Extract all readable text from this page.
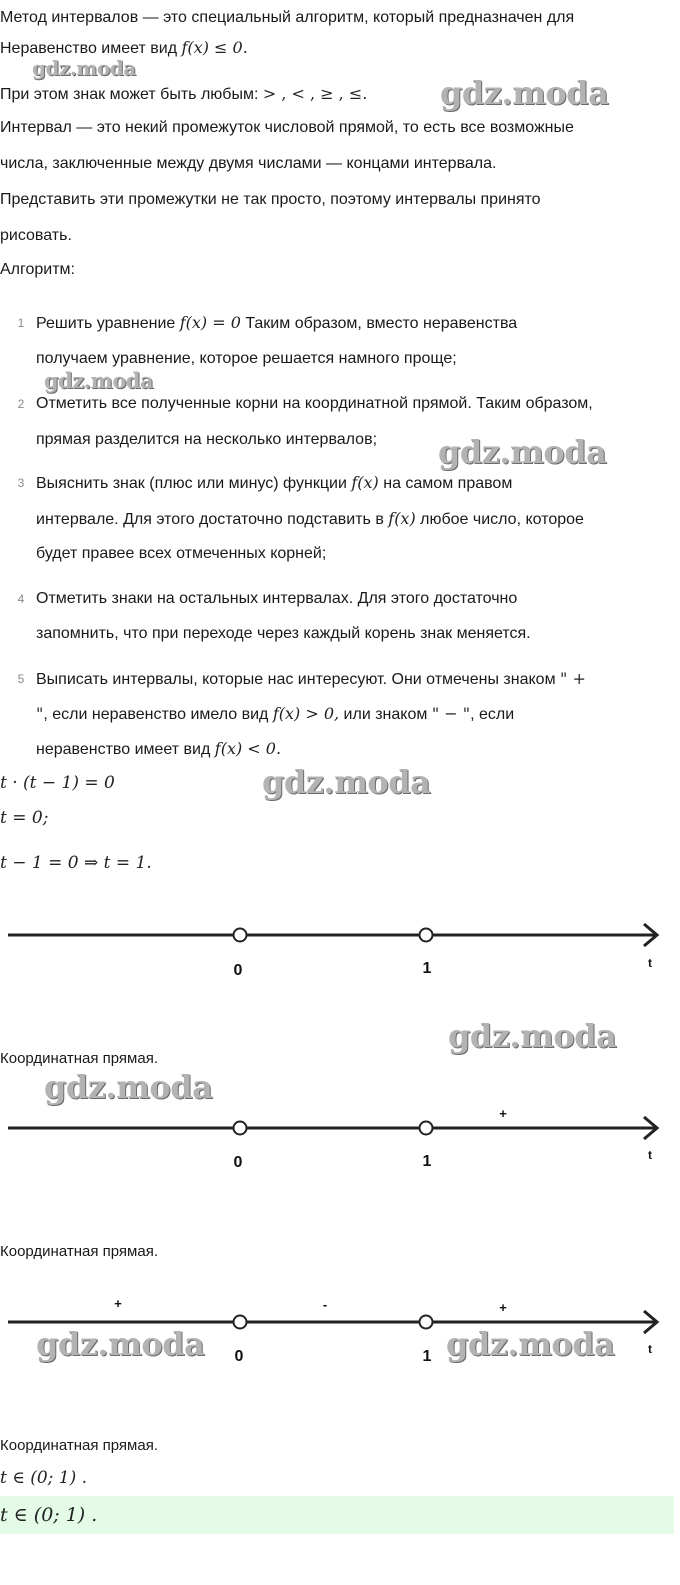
Метод интервалов — это специальный алгоритм, который предназначен для
Неравенство имеет вид f(x) ≤ 0.
При этом знак может быть любым: > , < , ≥ , ≤.
Интервал — это некий промежуток числовой прямой, то есть все возможные
числа, заключенные между двумя числами — концами интервала.
Представить эти промежутки не так просто, поэтому интервалы принято
рисовать.
Алгоритм:
1 Решить уравнение f(x) = 0 Таким образом, вместо неравенства
получаем уравнение, которое решается намного проще;
2 Отметить все полученные корни на координатной прямой. Таким образом,
прямая разделится на несколько интервалов;
3 Выяснить знак (плюс или минус) функции f(x) на самом правом
интервале. Для этого достаточно подставить в f(x) любое число, которое
будет правее всех отмеченных корней;
4 Отметить знаки на остальных интервалах. Для этого достаточно
запомнить, что при переходе через каждый корень знак меняется.
5 Выписать интервалы, которые нас интересуют. Они отмечены знаком " +
", если неравенство имело вид f(x) > 0, или знаком " − ", если
неравенство имеет вид f(x) < 0.
t · (t − 1) = 0
t = 0;
t − 1 = 0 ⇒ t = 1.
0	1	t
Координатная прямая.
+
0	1	t
Координатная прямая.
+	-	+
0	1	t
Координатная прямая.
t ∈ (0; 1) .
t ∈ (0; 1) .
gdz.moda
gdz.moda
gdz.moda
gdz.moda
gdz.moda
gdz.moda
gdz.moda
gdz.moda	gdz.moda
